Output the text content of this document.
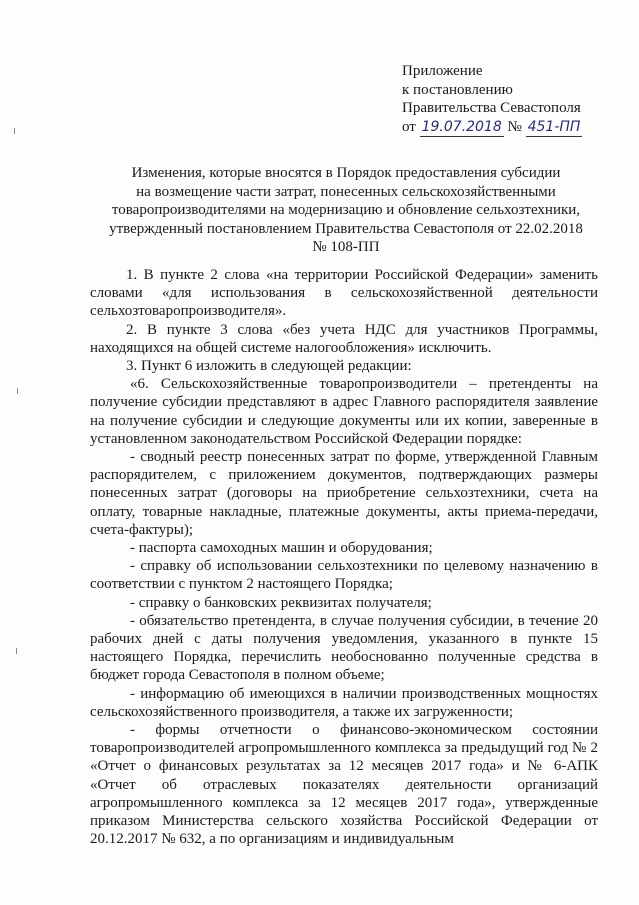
Приложение
к постановлению
Правительства Севастополя
от 19.07.2018 № 451-ПП
Изменения, которые вносятся в Порядок предоставления субсидии
на возмещение части затрат, понесенных сельскохозяйственными
товаропроизводителями на модернизацию и обновление сельхозтехники,
утвержденный постановлением Правительства Севастополя от 22.02.2018
№ 108-ПП

1. В пункте 2 слова «на территории Российской Федерации» заменить словами «для использования в сельскохозяйственной деятельности сельхозтоваропроизводителя».

2. В пункте 3 слова «без учета НДС для участников Программы, находящихся на общей системе налогообложения» исключить.

3. Пункт 6 изложить в следующей редакции:

«6. Сельскохозяйственные товаропроизводители – претенденты на получение субсидии представляют в адрес Главного распорядителя заявление на получение субсидии и следующие документы или их копии, заверенные в установленном законодательством Российской Федерации порядке:

- сводный реестр понесенных затрат по форме, утвержденной Главным распорядителем, с приложением документов, подтверждающих размеры понесенных затрат (договоры на приобретение сельхозтехники, счета на оплату, товарные накладные, платежные документы, акты приема-передачи, счета-фактуры);

- паспорта самоходных машин и оборудования;

- справку об использовании сельхозтехники по целевому назначению в соответствии с пунктом 2 настоящего Порядка;

- справку о банковских реквизитах получателя;

- обязательство претендента, в случае получения субсидии, в течение 20 рабочих дней с даты получения уведомления, указанного в пункте 15 настоящего Порядка, перечислить необоснованно полученные средства в бюджет города Севастополя в полном объеме;

- информацию об имеющихся в наличии производственных мощностях сельскохозяйственного производителя, а также их загруженности;

- формы отчетности о финансово-экономическом состоянии товаропроизводителей агропромышленного комплекса за предыдущий год № 2 «Отчет о финансовых результатах за 12 месяцев 2017 года» и № 6-АПК «Отчет об отраслевых показателях деятельности организаций агропромышленного комплекса за 12 месяцев 2017 года», утвержденные приказом Министерства сельского хозяйства Российской Федерации от 20.12.2017 № 632, а по организациям и индивидуальным
